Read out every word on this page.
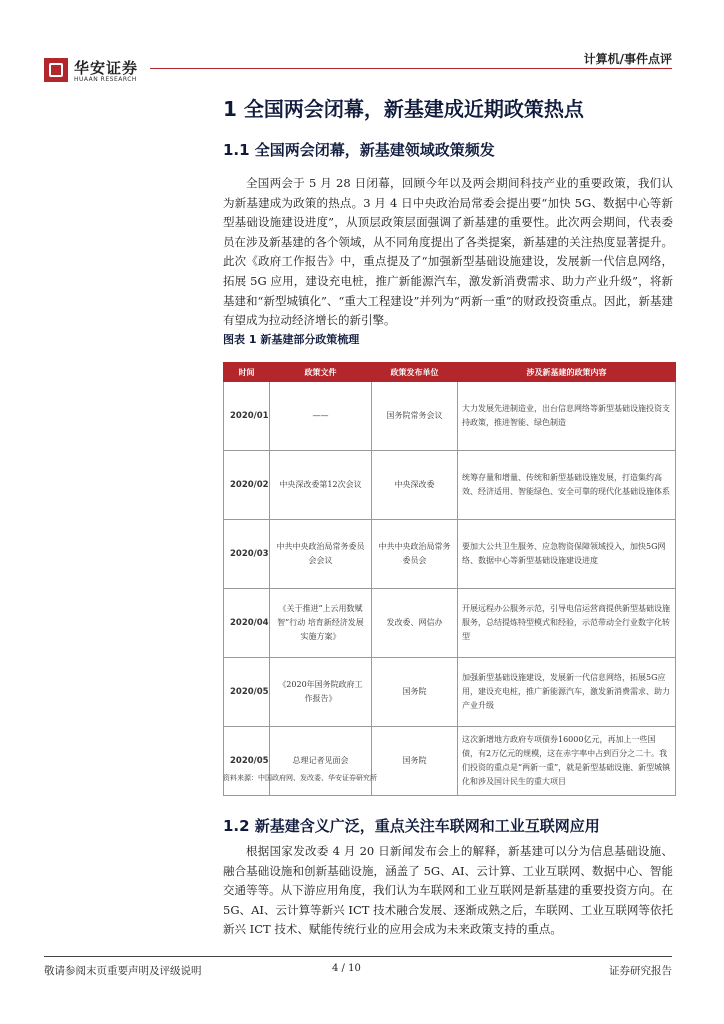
华安证券
HUAAN RESEARCH
计算机/事件点评
1 全国两会闭幕，新基建成近期政策热点
1.1 全国两会闭幕，新基建领域政策频发
全国两会于 5 月 28 日闭幕，回顾今年以及两会期间科技产业的重要政策，我们认为新基建成为政策的热点。3 月 4 日中央政治局常委会提出要“加快 5G、数据中心等新型基础设施建设进度”，从顶层政策层面强调了新基建的重要性。此次两会期间，代表委员在涉及新基建的各个领域，从不同角度提出了各类提案，新基建的关注热度显著提升。此次《政府工作报告》中，重点提及了“加强新型基础设施建设，发展新一代信息网络，拓展 5G 应用，建设充电桩，推广新能源汽车，激发新消费需求、助力产业升级”，将新基建和“新型城镇化”、“重大工程建设”并列为“两新一重”的财政投资重点。因此，新基建有望成为拉动经济增长的新引擎。
图表 1 新基建部分政策梳理
时间	政策文件	政策发布单位	涉及新基建的政策内容
2020/01	——	国务院常务会议	大力发展先进制造业，出台信息网络等新型基础设施投资支持政策，推进智能、绿色制造
2020/02	中央深改委第12次会议	中央深改委	统筹存量和增量、传统和新型基础设施发展，打造集约高效、经济适用、智能绿色、安全可靠的现代化基础设施体系
2020/03	中共中央政治局常务委员会会议	中共中央政治局常务委员会	要加大公共卫生服务、应急物资保障领域投入，加快5G网络、数据中心等新型基础设施建设进度
2020/04	《关于推进“上云用数赋智”行动 培育新经济发展实施方案》	发改委、网信办	开展远程办公服务示范，引导电信运营商提供新型基础设施服务，总结提炼特型模式和经验，示范带动全行业数字化转型
2020/05	《2020年国务院政府工作报告》	国务院	加强新型基础设施建设，发展新一代信息网络，拓展5G应用，建设充电桩，推广新能源汽车，激发新消费需求、助力产业升级
2020/05	总理记者见面会	国务院	这次新增地方政府专项债券16000亿元，再加上一些国债，有2万亿元的规模，这在赤字率中占到百分之二十。我们投资的重点是“两新一重”，就是新型基础设施、新型城镇化和涉及国计民生的重大项目
资料来源：中国政府网、发改委、华安证券研究所
1.2 新基建含义广泛，重点关注车联网和工业互联网应用
根据国家发改委 4 月 20 日新闻发布会上的解释，新基建可以分为信息基础设施、融合基础设施和创新基础设施，涵盖了 5G、AI、云计算、工业互联网、数据中心、智能交通等等。从下游应用角度，我们认为车联网和工业互联网是新基建的重要投资方向。在 5G、AI、云计算等新兴 ICT 技术融合发展、逐渐成熟之后，车联网、工业互联网等依托新兴 ICT 技术、赋能传统行业的应用会成为未来政策支持的重点。
敬请参阅末页重要声明及评级说明	4 / 10	证券研究报告
